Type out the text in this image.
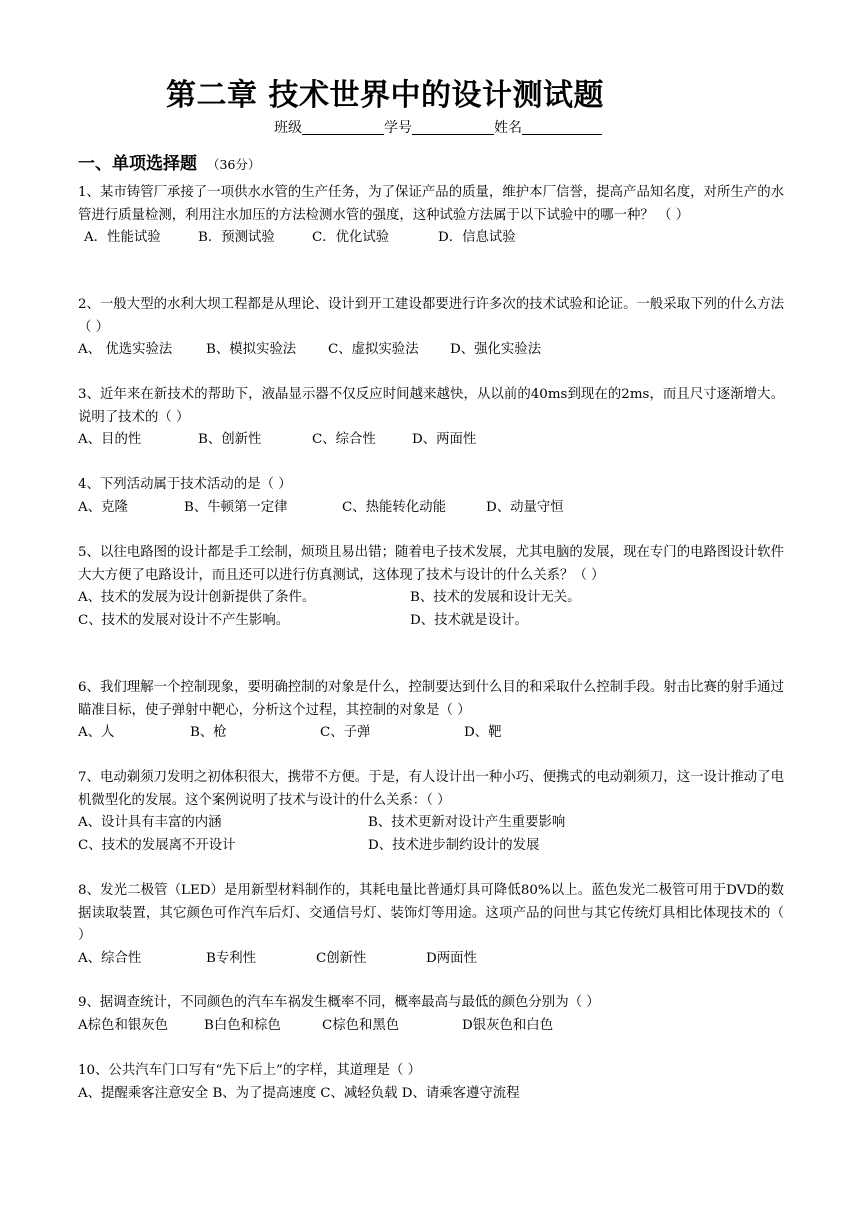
第二章 技术世界中的设计测试题
班级	学号	姓名
一、单项选择题 （36分）
1、某市铸管厂承接了一项供水水管的生产任务，为了保证产品的质量，维护本厂信誉，提高产品知名度，对所生产的水管进行质量检测，利用注水加压的方法检测水管的强度，这种试验方法属于以下试验中的哪一种？ （ ）
A．性能试验	B．预测试验	C．优化试验	D．信息试验
2、一般大型的水利大坝工程都是从理论、设计到开工建设都要进行许多次的技术试验和论证。一般采取下列的什么方法（ ）
A、 优选实验法	B、模拟实验法 C、虚拟实验法 D、强化实验法
3、近年来在新技术的帮助下，液晶显示器不仅反应时间越来越快，从以前的40ms到现在的2ms，而且尺寸逐渐增大。说明了技术的（ ）
A、目的性	B、创新性	C、综合性	D、两面性
4、下列活动属于技术活动的是（ ）
A、克隆	B、牛顿第一定律	C、热能转化动能	D、动量守恒
5、以往电路图的设计都是手工绘制，烦琐且易出错；随着电子技术发展，尤其电脑的发展，现在专门的电路图设计软件大大方便了电路设计，而且还可以进行仿真测试，这体现了技术与设计的什么关系？（ ）
A、技术的发展为设计创新提供了条件。	B、技术的发展和设计无关。
C、技术的发展对设计不产生影响。	D、技术就是设计。
6、我们理解一个控制现象，要明确控制的对象是什么，控制要达到什么目的和采取什么控制手段。射击比赛的射手通过瞄准目标，使子弹射中靶心，分析这个过程，其控制的对象是（ ）
A、人	B、枪	C、子弹	D、靶
7、电动剃须刀发明之初体积很大，携带不方便。于是，有人设计出一种小巧、便携式的电动剃须刀，这一设计推动了电机微型化的发展。这个案例说明了技术与设计的什么关系：（ ）
A、设计具有丰富的内涵	B、技术更新对设计产生重要影响
C、技术的发展离不开设计	D、技术进步制约设计的发展
8、发光二极管（LED）是用新型材料制作的，其耗电量比普通灯具可降低80%以上。蓝色发光二极管可用于DVD的数据读取装置，其它颜色可作汽车后灯、交通信号灯、装饰灯等用途。这项产品的问世与其它传统灯具相比体现技术的（ ）
A、综合性	B专利性	C创新性	D两面性
9、据调查统计，不同颜色的汽车车祸发生概率不同，概率最高与最低的颜色分别为（ ）
A棕色和银灰色	B白色和棕色	C棕色和黑色	D银灰色和白色
10、公共汽车门口写有“先下后上”的字样，其道理是（ ）
A、提醒乘客注意安全 B、为了提高速度 C、减轻负载 D、请乘客遵守流程
